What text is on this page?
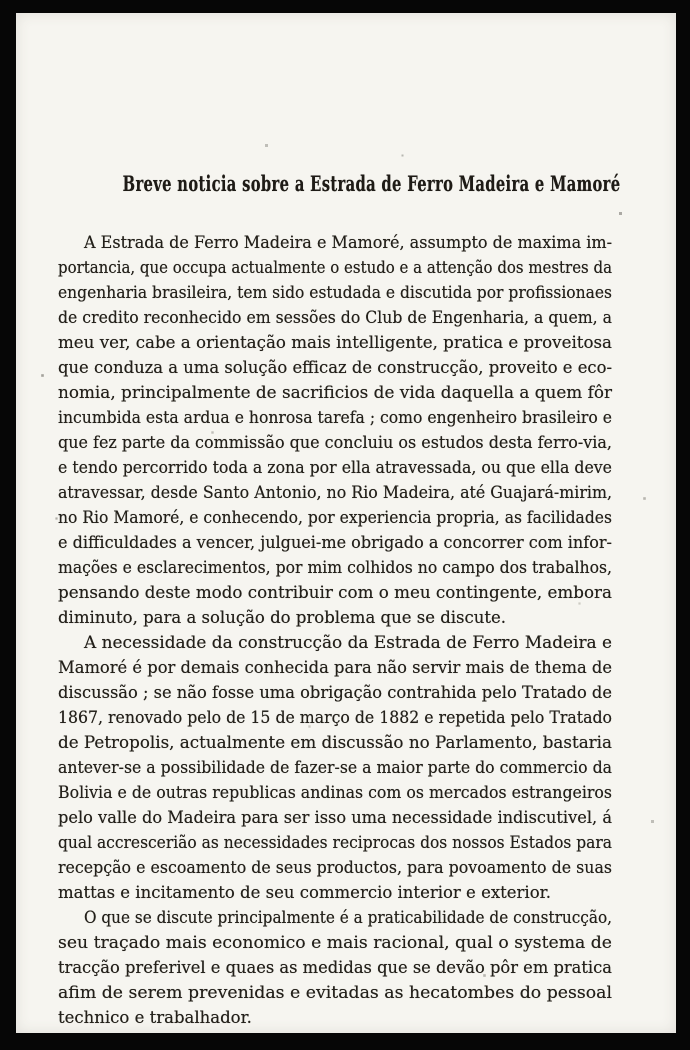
Breve noticia sobre a Estrada de Ferro Madeira e Mamoré
A Estrada de Ferro Madeira e Mamoré, assumpto de maxima im-
portancia, que occupa actualmente o estudo e a attenção dos mestres da
engenharia brasileira, tem sido estudada e discutida por profissionaes
de credito reconhecido em sessões do Club de Engenharia, a quem, a
meu ver, cabe a orientação mais intelligente, pratica e proveitosa
que conduza a uma solução efficaz de construcção, proveito e eco-
nomia, principalmente de sacrificios de vida daquella a quem fôr
incumbida esta ardua e honrosa tarefa ; como engenheiro brasileiro e
que fez parte da commissão que concluiu os estudos desta ferro-via,
e tendo percorrido toda a zona por ella atravessada, ou que ella deve
atravessar, desde Santo Antonio, no Rio Madeira, até Guajará-mirim,
no Rio Mamoré, e conhecendo, por experiencia propria, as facilidades
e difficuldades a vencer, julguei-me obrigado a concorrer com infor-
mações e esclarecimentos, por mim colhidos no campo dos trabalhos,
pensando deste modo contribuir com o meu contingente, embora
diminuto, para a solução do problema que se discute.
A necessidade da construcção da Estrada de Ferro Madeira e
Mamoré é por demais conhecida para não servir mais de thema de
discussão ; se não fosse uma obrigação contrahida pelo Tratado de
1867, renovado pelo de 15 de março de 1882 e repetida pelo Tratado
de Petropolis, actualmente em discussão no Parlamento, bastaria
antever-se a possibilidade de fazer-se a maior parte do commercio da
Bolivia e de outras republicas andinas com os mercados estrangeiros
pelo valle do Madeira para ser isso uma necessidade indiscutivel, á
qual accrescerião as necessidades reciprocas dos nossos Estados para
recepção e escoamento de seus productos, para povoamento de suas
mattas e incitamento de seu commercio interior e exterior.
O que se discute principalmente é a praticabilidade de construcção,
seu traçado mais economico e mais racional, qual o systema de
tracção preferivel e quaes as medidas que se devão pôr em pratica
afim de serem prevenidas e evitadas as hecatombes do pessoal
technico e trabalhador.
